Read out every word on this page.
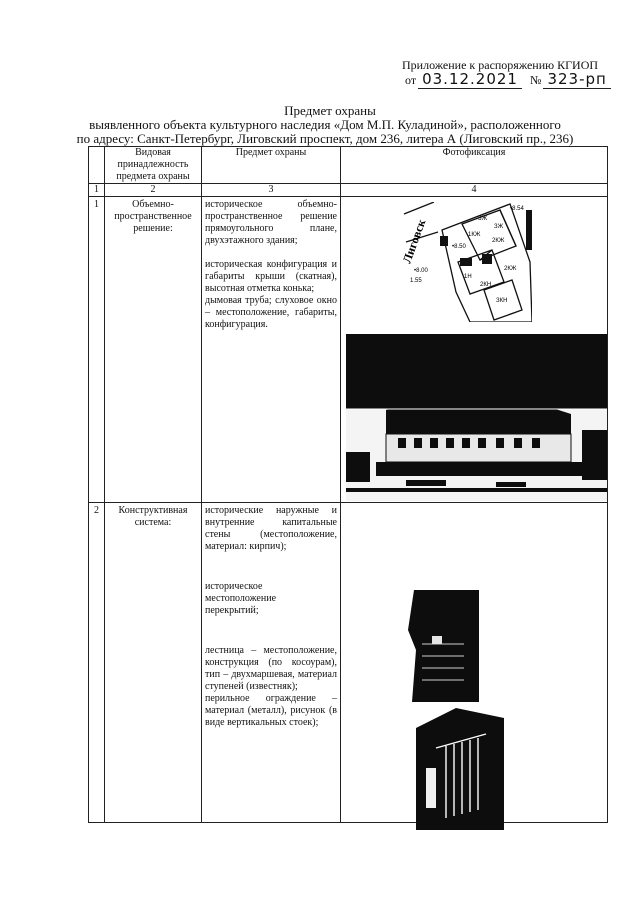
Приложение к распоряжению КГИОП
от 03.12.2021	№ 323-рп
Предмет охраны
выявленного объекта культурного наследия «Дом М.П. Куладиной», расположенного
по адресу: Санкт-Петербург, Лиговский проспект, дом 236, литера А (Лиговский пр., 236)
	Видовая принадлежность предмета охраны	Предмет охраны	Фотофиксация
1	2	3	4
1	Объемно-пространственное решение:	историческое объемно-пространственное решение прямоугольного плане, двухэтажного здания;
историческая конфигурация и габариты крыши (скатная), высотная отметка конька;
дымовая труба; слуховое окно – местоположение, габариты, конфигурация.	
2	Конструктивная система:	исторические наружные и внутренние капитальные стены (местоположение, материал: кирпич);
историческое местоположение перекрытий;
лестница – местоположение, конструкция (по косоурам), тип – двухмаршевая, материал ступеней (известняк);
перильное ограждение – материал (металл), рисунок (в виде вертикальных стоек);	
Лиговск	ЗЖ
ЗЖ
1КЖ
2КЖ
2КЖ
1Н
2КН
ЗКН
•8.50
•8.54
•8.00
1.55
